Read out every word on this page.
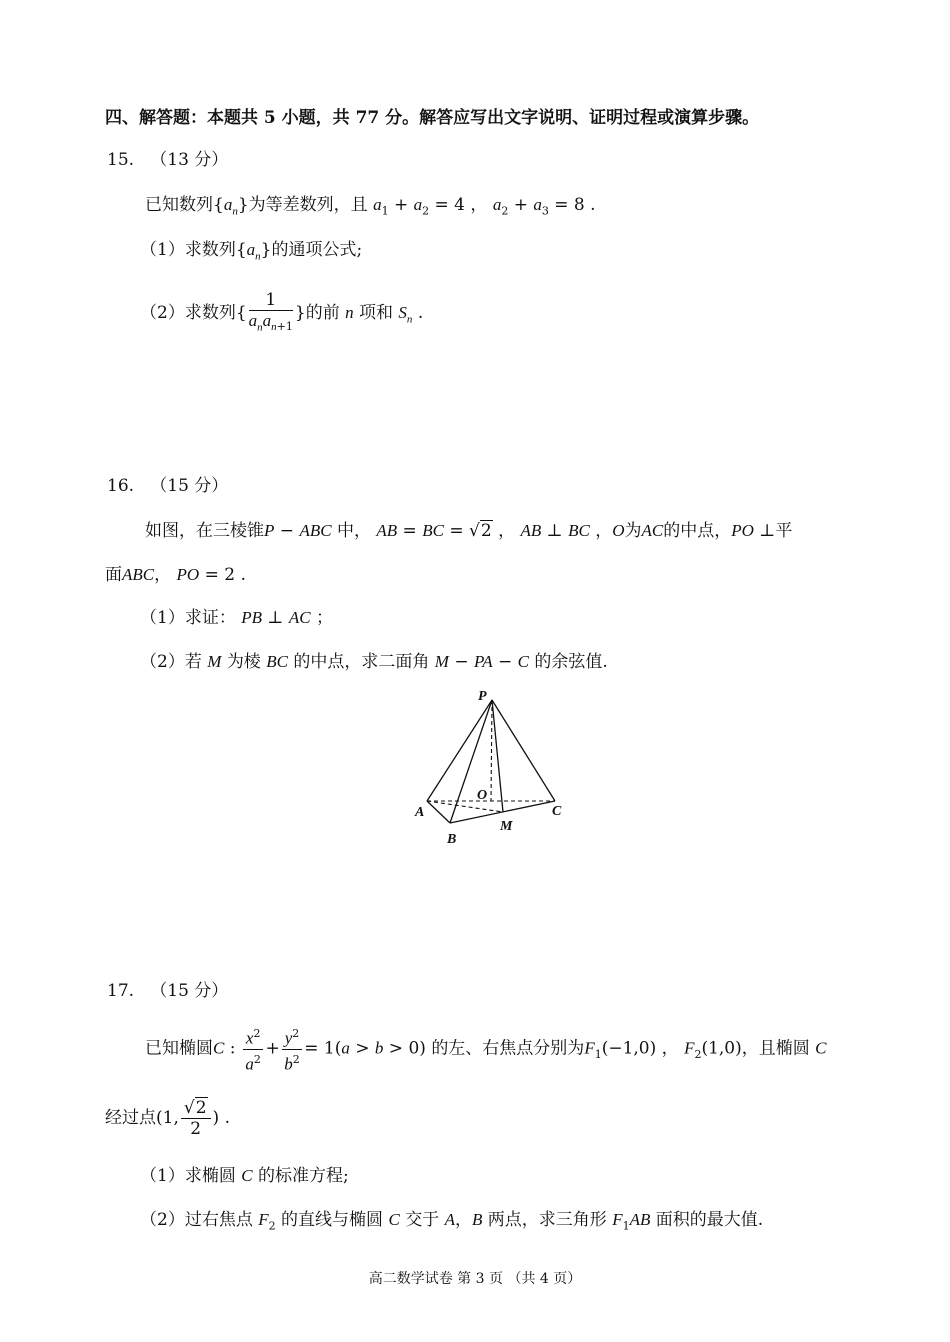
四、解答题：本题共 5 小题，共 77 分。解答应写出文字说明、证明过程或演算步骤。
15. （13 分）
已知数列$\{a_n\}$为等差数列，且 $a_1 + a_2 = 4$ ， $a_2 + a_3 = 8$ .
（1）求数列$\{a_n\}$的通项公式;
（2）求数列{ $\frac{1}{a_na_{n+1}}$ }的前 n 项和 $S_n$ .
16. （15 分）
如图，在三棱锥P − ABC 中， AB = BC = √2 ， AB ⊥ BC ，O为AC的中点，PO ⊥平
面ABC， PO = 2 .
（1）求证： PB ⊥ AC ；
（2）若 M 为棱 BC 的中点，求二面角 M − PA − C 的余弦值.
P
A
B
C
O
M
17. （15 分）
已知椭圆C : $\frac{x^2}{a^2} + \frac{y^2}{b^2} = 1(a > b > 0)$ 的左、右焦点分别为$F_1(-1,0)$ ， $F_2(1,0)$，且椭圆 C
经过点(1, $\frac{√2}{2}$ ) .
（1）求椭圆 C 的标准方程;
（2）过右焦点 $F_2$ 的直线与椭圆 C 交于 A，B 两点，求三角形 $F_1AB$ 面积的最大值.
高二数学试卷 第 3 页 （共 4 页）
